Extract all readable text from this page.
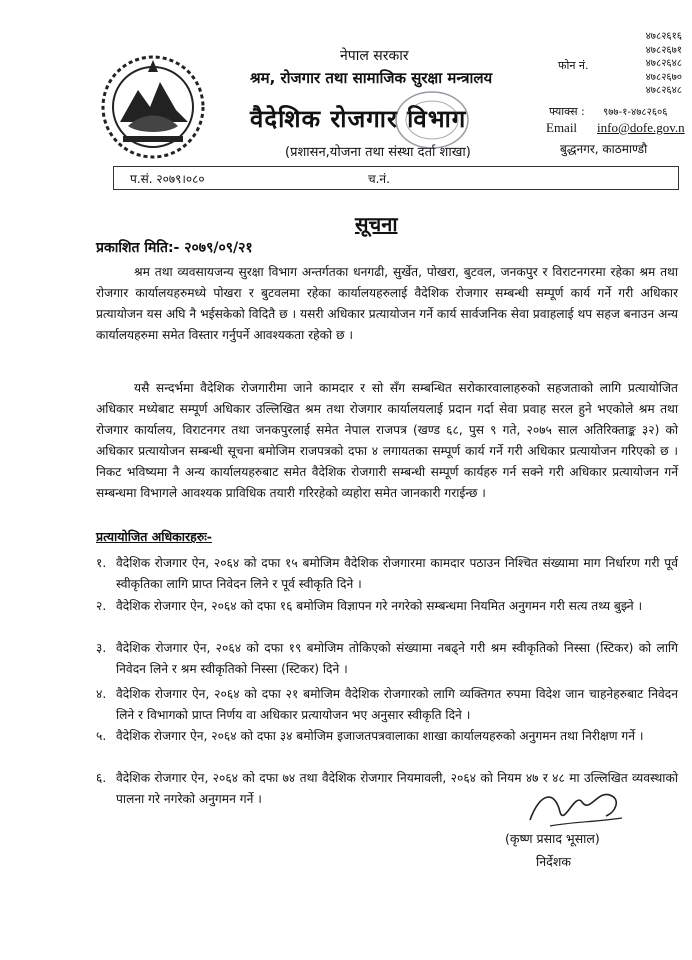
नेपाल सरकार
श्रम, रोजगार तथा सामाजिक सुरक्षा मन्त्रालय
वैदेशिक रोजगार विभाग
(प्रशासन,योजना तथा संस्था दर्ता शाखा)
४७८२६१६
४७८२६७१
४७८२६४८
४७८२६७०
४७८२६४८
फोन नं.
फ्याक्स : ९७७-१-४७८२६०६
Email info@dofe.gov.n
बुद्धनगर, काठमाण्डौ
प.सं. २०७९।०८०	च.नं.
सूचना
प्रकाशित मिति:- २०७९/०९/२१
श्रम तथा व्यवसायजन्य सुरक्षा विभाग अन्तर्गतका धनगढी, सुर्खेत, पोखरा, बुटवल, जनकपुर र विराटनगरमा रहेका श्रम तथा रोजगार कार्यालयहरुमध्ये पोखरा र बुटवलमा रहेका कार्यालयहरुलाई वैदेशिक रोजगार सम्बन्धी सम्पूर्ण कार्य गर्ने गरी अधिकार प्रत्यायोजन यस अघि नै भईसकेको विदितै छ । यसरी अधिकार प्रत्यायोजन गर्ने कार्य सार्वजनिक सेवा प्रवाहलाई थप सहज बनाउन अन्य कार्यालयहरुमा समेत विस्तार गर्नुपर्ने आवश्यकता रहेको छ ।
यसै सन्दर्भमा वैदेशिक रोजगारीमा जाने कामदार र सो सँग सम्बन्धित सरोकारवालाहरुको सहजताको लागि प्रत्यायोजित अधिकार मध्येबाट सम्पूर्ण अधिकार उल्लिखित श्रम तथा रोजगार कार्यालयलाई प्रदान गर्दा सेवा प्रवाह सरल हुने भएकोले श्रम तथा रोजगार कार्यालय, विराटनगर तथा जनकपुरलाई समेत नेपाल राजपत्र (खण्ड ६८, पुस ९ गते, २०७५ साल अतिरिक्ताङ्क ३२) को अधिकार प्रत्यायोजन सम्बन्धी सूचना बमोजिम राजपत्रको दफा ४ लगायतका सम्पूर्ण कार्य गर्ने गरी अधिकार प्रत्यायोजन गरिएको छ । निकट भविष्यमा नै अन्य कार्यालयहरुबाट समेत वैदेशिक रोजगारी सम्बन्धी सम्पूर्ण कार्यहरु गर्न सक्ने गरी अधिकार प्रत्यायोजन गर्ने सम्बन्धमा विभागले आवश्यक प्राविधिक तयारी गरिरहेको व्यहोरा समेत जानकारी गराईन्छ ।
प्रत्यायोजित अधिकारहरुः-
१. वैदेशिक रोजगार ऐन, २०६४ को दफा १५ बमोजिम वैदेशिक रोजगारमा कामदार पठाउन निश्चित संख्यामा माग निर्धारण गरी पूर्व स्वीकृतिका लागि प्राप्त निवेदन लिने र पूर्व स्वीकृति दिने ।
२. वैदेशिक रोजगार ऐन, २०६४ को दफा १६ बमोजिम विज्ञापन गरे नगरेको सम्बन्धमा नियमित अनुगमन गरी सत्य तथ्य बुझ्ने ।
३. वैदेशिक रोजगार ऐन, २०६४ को दफा १९ बमोजिम तोकिएको संख्यामा नबढ्ने गरी श्रम स्वीकृतिको निस्सा (स्टिकर) को लागि निवेदन लिने र श्रम स्वीकृतिको निस्सा (स्टिकर) दिने ।
४. वैदेशिक रोजगार ऐन, २०६४ को दफा २१ बमोजिम वैदेशिक रोजगारको लागि व्यक्तिगत रुपमा विदेश जान चाहनेहरुबाट निवेदन लिने र विभागको प्राप्त निर्णय वा अधिकार प्रत्यायोजन भए अनुसार स्वीकृति दिने ।
५. वैदेशिक रोजगार ऐन, २०६४ को दफा ३४ बमोजिम इजाजतपत्रवालाका शाखा कार्यालयहरुको अनुगमन तथा निरीक्षण गर्ने ।
६. वैदेशिक रोजगार ऐन, २०६४ को दफा ७४ तथा वैदेशिक रोजगार नियमावली, २०६४ को नियम ४७ र ४८ मा उल्लिखित व्यवस्थाको पालना गरे नगरेको अनुगमन गर्ने ।
(कृष्ण प्रसाद भूसाल)
निर्देशक
